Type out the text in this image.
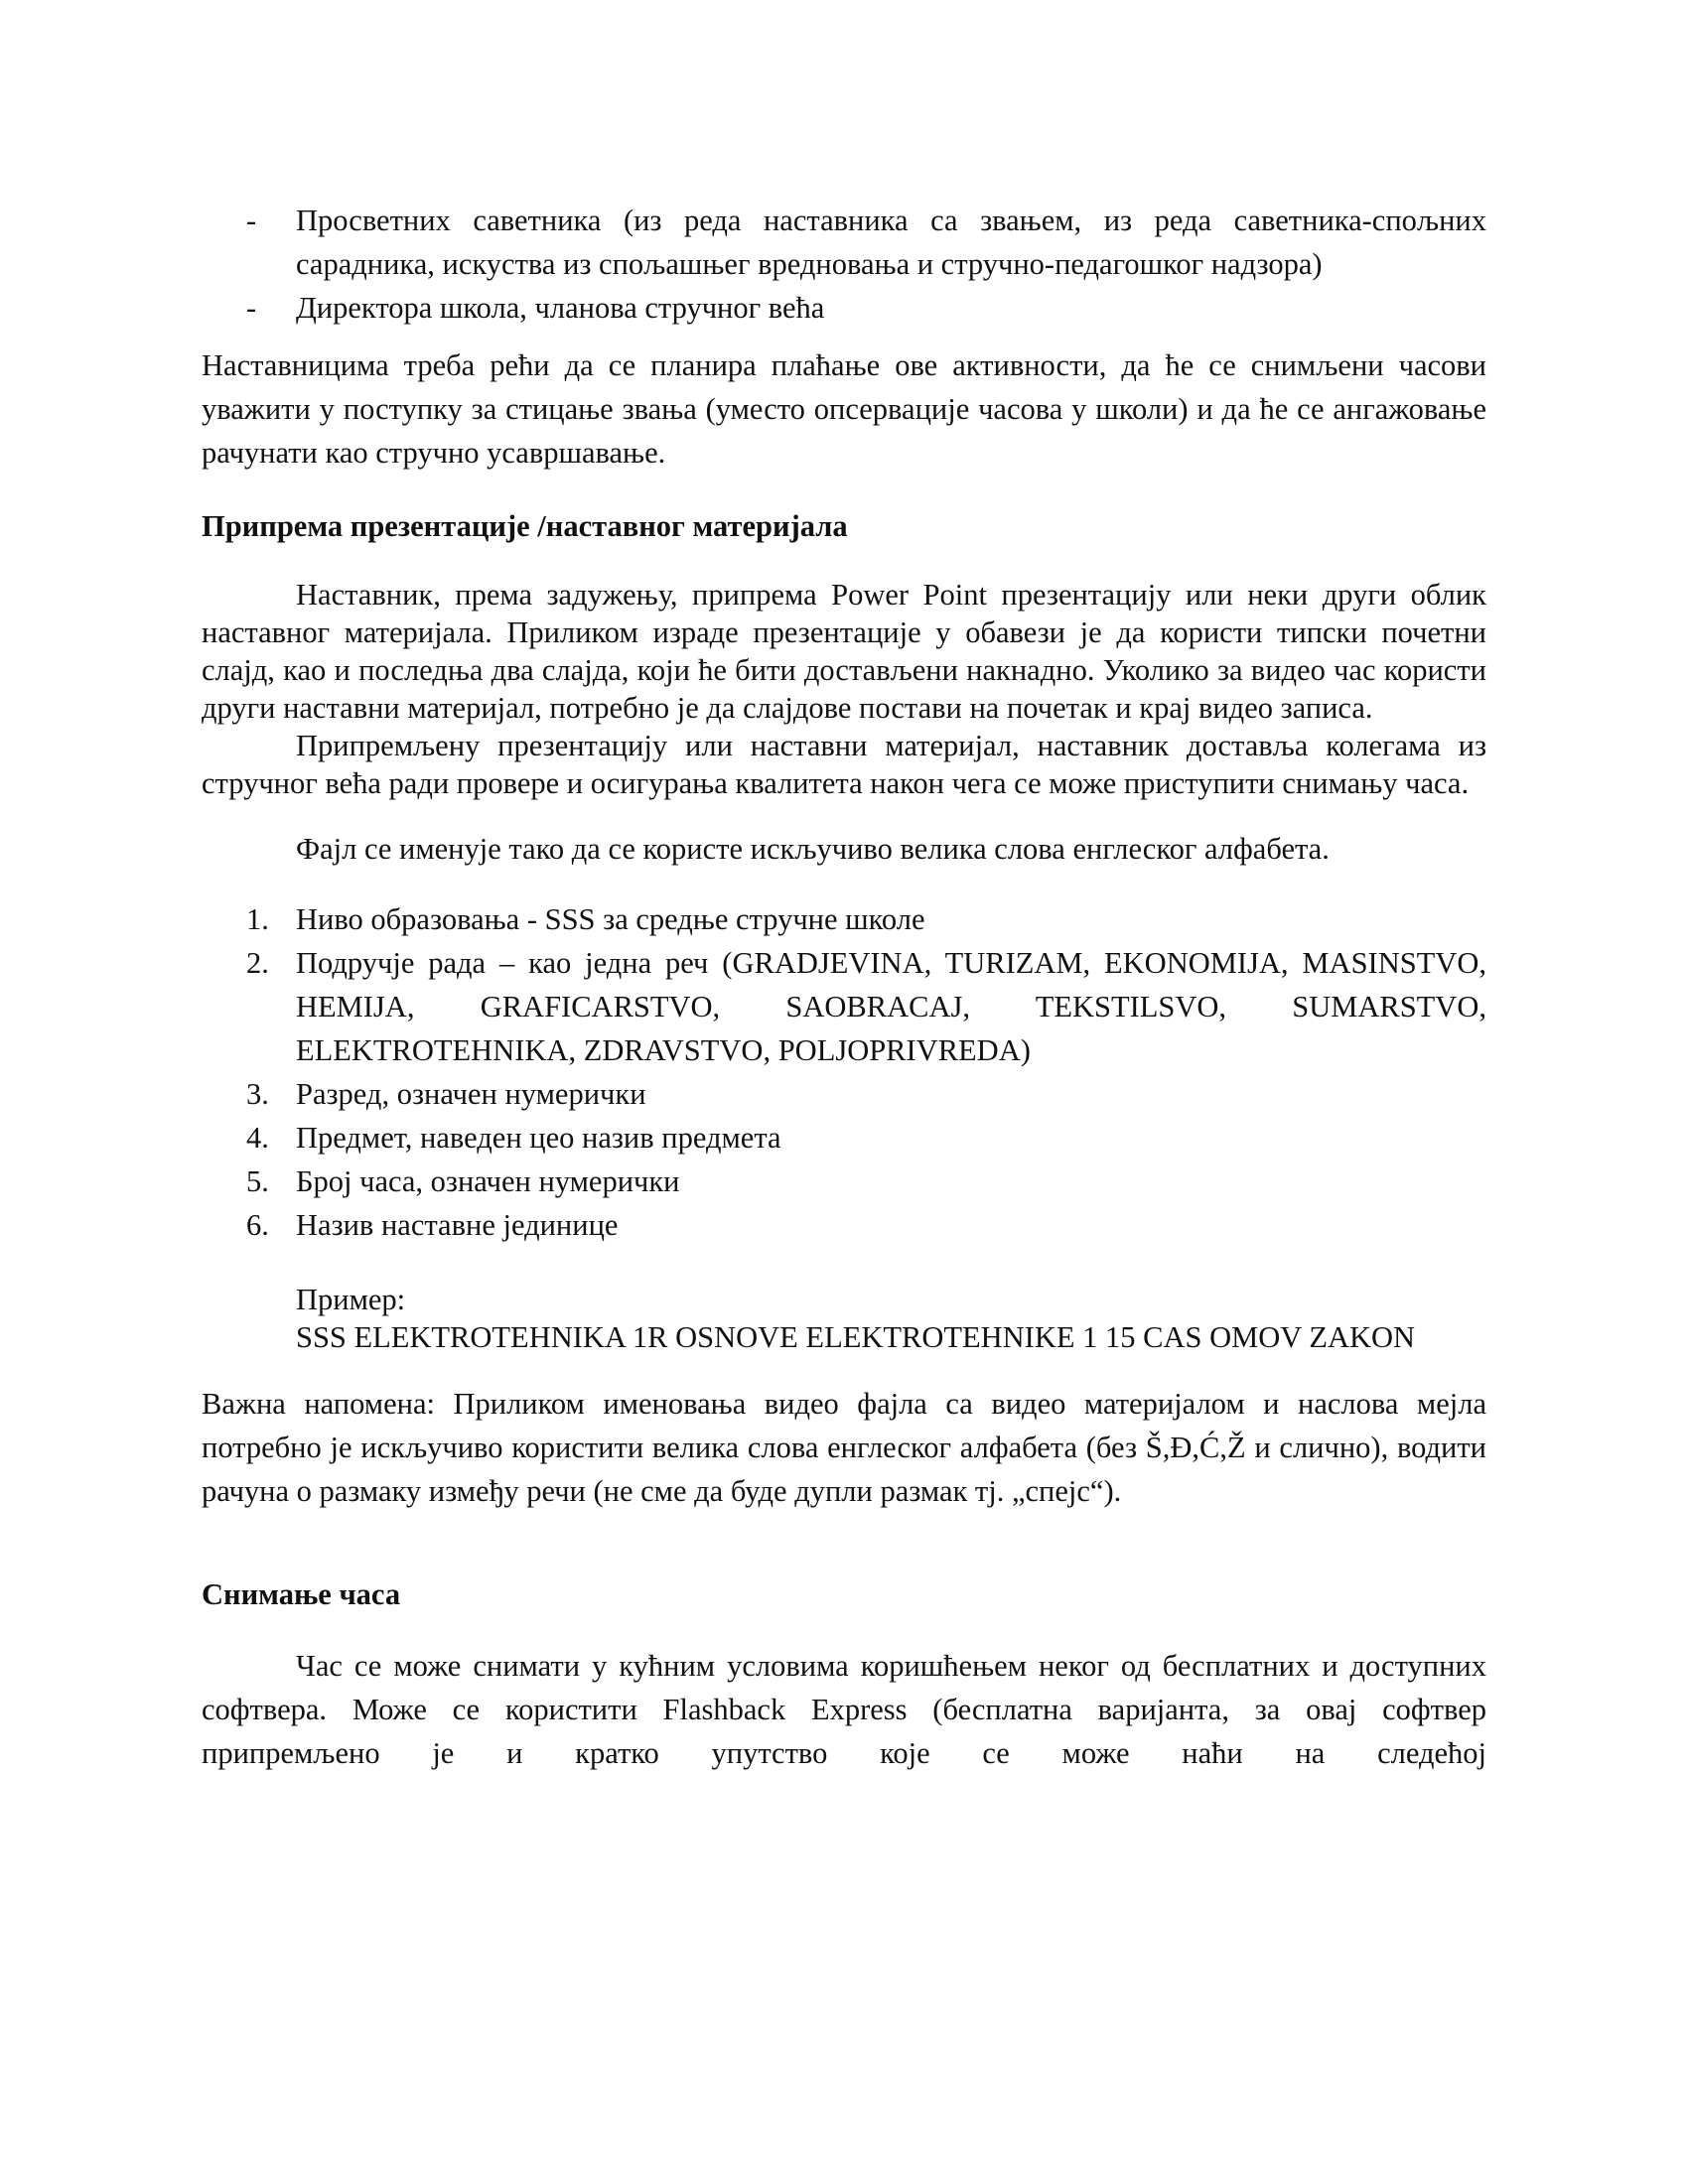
- Просветних саветника (из реда наставника са звањем, из реда саветника-спољних сарадника, искуства из спољашњег вредновања и стручно-педагошког надзора)
- Директора школа, чланова стручног већа

Наставницима треба рећи да се планира плаћање ове активности, да ће се снимљени часови уважити у поступку за стицање звања (уместо опсервације часова у школи) и да ће се ангажовање рачунати као стручно усавршавање.

Припрема презентације /наставног материјала

Наставник, према задужењу, припрема Power Point презентацију или неки други облик наставног материјала. Приликом израде презентације у обавези је да користи типски почетни слајд, као и последња два слајда, који ће бити достављени накнадно. Уколико за видео час користи други наставни материјал, потребно је да слајдове постави на почетак и крај видео записа.

Припремљену презентацију или наставни материјал, наставник доставља колегама из стручног већа ради провере и осигурања квалитета након чега се може приступити снимању часа.

Фајл се именује тако да се користе искључиво велика слова енглеског алфабета.

1. Ниво образовања - SSS за средње стручне школе
2. Подручје рада – као једна реч (GRADJEVINA, TURIZAM, EKONOMIJA, MASINSTVO, HEMIJA, GRAFICARSTVO, SAOBRACAJ, TEKSTILSVO, SUMARSTVO, ELEKTROTEHNIKA, ZDRAVSTVO, POLJOPRIVREDA)
3. Разред, означен нумерички
4. Предмет, наведен цео назив предмета
5. Број часа, означен нумерички
6. Назив наставне јединице

Пример:

SSS ELEKTROTEHNIKA 1R OSNOVE ELEKTROTEHNIKE 1 15 CAS OMOV ZAKON

Важна напомена: Приликом именовања видео фајла са видео материјалом и наслова мејла потребно је искључиво користити велика слова енглеског алфабета (без Š,Đ,Ć,Ž и слично), водити рачуна о размаку између речи (не сме да буде дупли размак тј. „спејс“).

Снимање часа

Час се може снимати у кућним условима коришћењем неког од бесплатних и доступних софтвера. Може се користити Flashback Express (бесплатна варијанта, за овај софтвер припремљено је и кратко упутство које се може наћи на следећој
